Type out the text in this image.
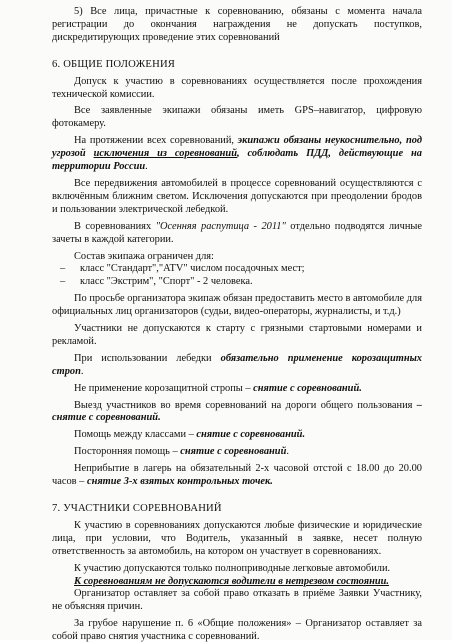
5) Все лица, причастные к соревнованию, обязаны с момента начала регистрации до окончания награждения не допускать поступков, дискредитирующих проведение этих соревнований

6. ОБЩИЕ ПОЛОЖЕНИЯ

Допуск к участию в соревнованиях осуществляется после прохождения технической комиссии.

Все заявленные экипажи обязаны иметь GPS–навигатор, цифровую фотокамеру.

На протяжении всех соревнований, экипажи обязаны неукоснительно, под угрозой исключения из соревнований, соблюдать ПДД, действующие на территории России.

Все передвижения автомобилей в процессе соревнований осуществляются с включённым ближним светом. Исключения допускаются при преодолении бродов и пользовании электрической лебедкой.

В соревнованиях "Осенняя распутица - 2011" отдельно подводятся личные зачеты в каждой категории.

Состав экипажа ограничен для:

– класс "Стандарт","ATV" числом посадочных мест;

– класс "Экстрим", "Спорт" - 2 человека.

По просьбе организатора экипаж обязан предоставить место в автомобиле для официальных лиц организаторов (судьи, видео-операторы, журналисты, и т.д.)

Участники не допускаются к старту с грязными стартовыми номерами и рекламой.

При использовании лебедки обязательно применение корозащитных строп.

Не применение корозащитной стропы – снятие с соревнований.

Выезд участников во время соревнований на дороги общего пользования – снятие с соревнований.

Помощь между классами – снятие с соревнований.

Посторонняя помощь – снятие с соревнований.

Неприбытие в лагерь на обязательный 2-х часовой отстой с 18.00 до 20.00 часов – снятие 3-х взятых контрольных точек.

7. УЧАСТНИКИ СОРЕВНОВАНИЙ

К участию в соревнованиях допускаются любые физические и юридические лица, при условии, что Водитель, указанный в заявке, несет полную ответственность за автомобиль, на котором он участвует в соревнованиях.

К участию допускаются только полноприводные легковые автомобили.

К соревнованиям не допускаются водители в нетрезвом состоянии.

Организатор оставляет за собой право отказать в приёме Заявки Участнику, не объясняя причин.

За грубое нарушение п. 6 «Общие положения» – Организатор оставляет за собой право снятия участника с соревнований.
